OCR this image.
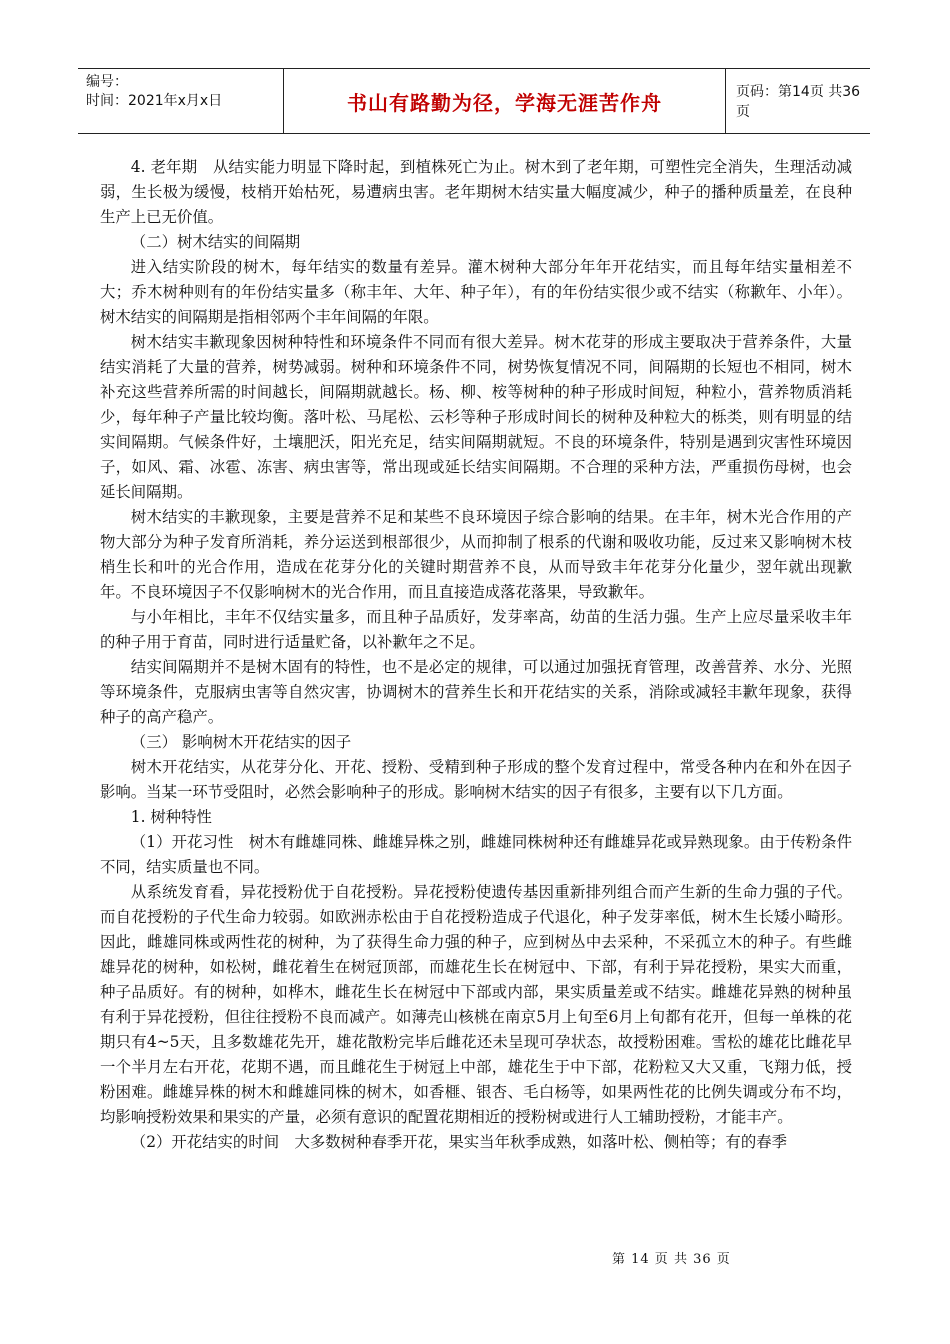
编号：
时间：2021年x月x日	书山有路勤为径，学海无涯苦作舟	页码：第14页 共36页

4. 老年期　从结实能力明显下降时起，到植株死亡为止。树木到了老年期，可塑性完全消失，生理活动减弱，生长极为缓慢，枝梢开始枯死，易遭病虫害。老年期树木结实量大幅度减少，种子的播种质量差，在良种生产上已无价值。

（二）树木结实的间隔期

进入结实阶段的树木，每年结实的数量有差异。灌木树种大部分年年开花结实，而且每年结实量相差不大；乔木树种则有的年份结实量多（称丰年、大年、种子年），有的年份结实很少或不结实（称歉年、小年）。树木结实的间隔期是指相邻两个丰年间隔的年限。

树木结实丰歉现象因树种特性和环境条件不同而有很大差异。树木花芽的形成主要取决于营养条件，大量结实消耗了大量的营养，树势减弱。树种和环境条件不同，树势恢复情况不同，间隔期的长短也不相同，树木补充这些营养所需的时间越长，间隔期就越长。杨、柳、桉等树种的种子形成时间短，种粒小，营养物质消耗少，每年种子产量比较均衡。落叶松、马尾松、云杉等种子形成时间长的树种及种粒大的栎类，则有明显的结实间隔期。气候条件好，土壤肥沃，阳光充足，结实间隔期就短。不良的环境条件，特别是遇到灾害性环境因子，如风、霜、冰雹、冻害、病虫害等，常出现或延长结实间隔期。不合理的采种方法，严重损伤母树，也会延长间隔期。

树木结实的丰歉现象，主要是营养不足和某些不良环境因子综合影响的结果。在丰年，树木光合作用的产物大部分为种子发育所消耗，养分运送到根部很少，从而抑制了根系的代谢和吸收功能，反过来又影响树木枝梢生长和叶的光合作用，造成在花芽分化的关键时期营养不良，从而导致丰年花芽分化量少，翌年就出现歉年。不良环境因子不仅影响树木的光合作用，而且直接造成落花落果，导致歉年。

与小年相比，丰年不仅结实量多，而且种子品质好，发芽率高，幼苗的生活力强。生产上应尽量采收丰年的种子用于育苗，同时进行适量贮备，以补歉年之不足。

结实间隔期并不是树木固有的特性，也不是必定的规律，可以通过加强抚育管理，改善营养、水分、光照等环境条件，克服病虫害等自然灾害，协调树木的营养生长和开花结实的关系，消除或减轻丰歉年现象，获得种子的高产稳产。

（三） 影响树木开花结实的因子

树木开花结实，从花芽分化、开花、授粉、受精到种子形成的整个发育过程中，常受各种内在和外在因子影响。当某一环节受阻时，必然会影响种子的形成。影响树木结实的因子有很多，主要有以下几方面。

1. 树种特性

（1）开花习性　树木有雌雄同株、雌雄异株之别，雌雄同株树种还有雌雄异花或异熟现象。由于传粉条件不同，结实质量也不同。

从系统发育看，异花授粉优于自花授粉。异花授粉使遗传基因重新排列组合而产生新的生命力强的子代。而自花授粉的子代生命力较弱。如欧洲赤松由于自花授粉造成子代退化，种子发芽率低，树木生长矮小畸形。因此，雌雄同株或两性花的树种，为了获得生命力强的种子，应到树丛中去采种，不采孤立木的种子。有些雌雄异花的树种，如松树，雌花着生在树冠顶部，而雄花生长在树冠中、下部，有利于异花授粉，果实大而重，种子品质好。有的树种，如桦木，雌花生长在树冠中下部或内部，果实质量差或不结实。雌雄花异熟的树种虽有利于异花授粉，但往往授粉不良而减产。如薄壳山核桃在南京5月上旬至6月上旬都有花开，但每一单株的花期只有4~5天，且多数雄花先开，雄花散粉完毕后雌花还未呈现可孕状态，故授粉困难。雪松的雄花比雌花早一个半月左右开花，花期不遇，而且雌花生于树冠上中部，雄花生于中下部，花粉粒又大又重，飞翔力低，授粉困难。雌雄异株的树木和雌雄同株的树木，如香榧、银杏、毛白杨等，如果两性花的比例失调或分布不均，均影响授粉效果和果实的产量，必须有意识的配置花期相近的授粉树或进行人工辅助授粉，才能丰产。

（2）开花结实的时间　大多数树种春季开花，果实当年秋季成熟，如落叶松、侧柏等；有的春季

第 14 页 共 36 页
